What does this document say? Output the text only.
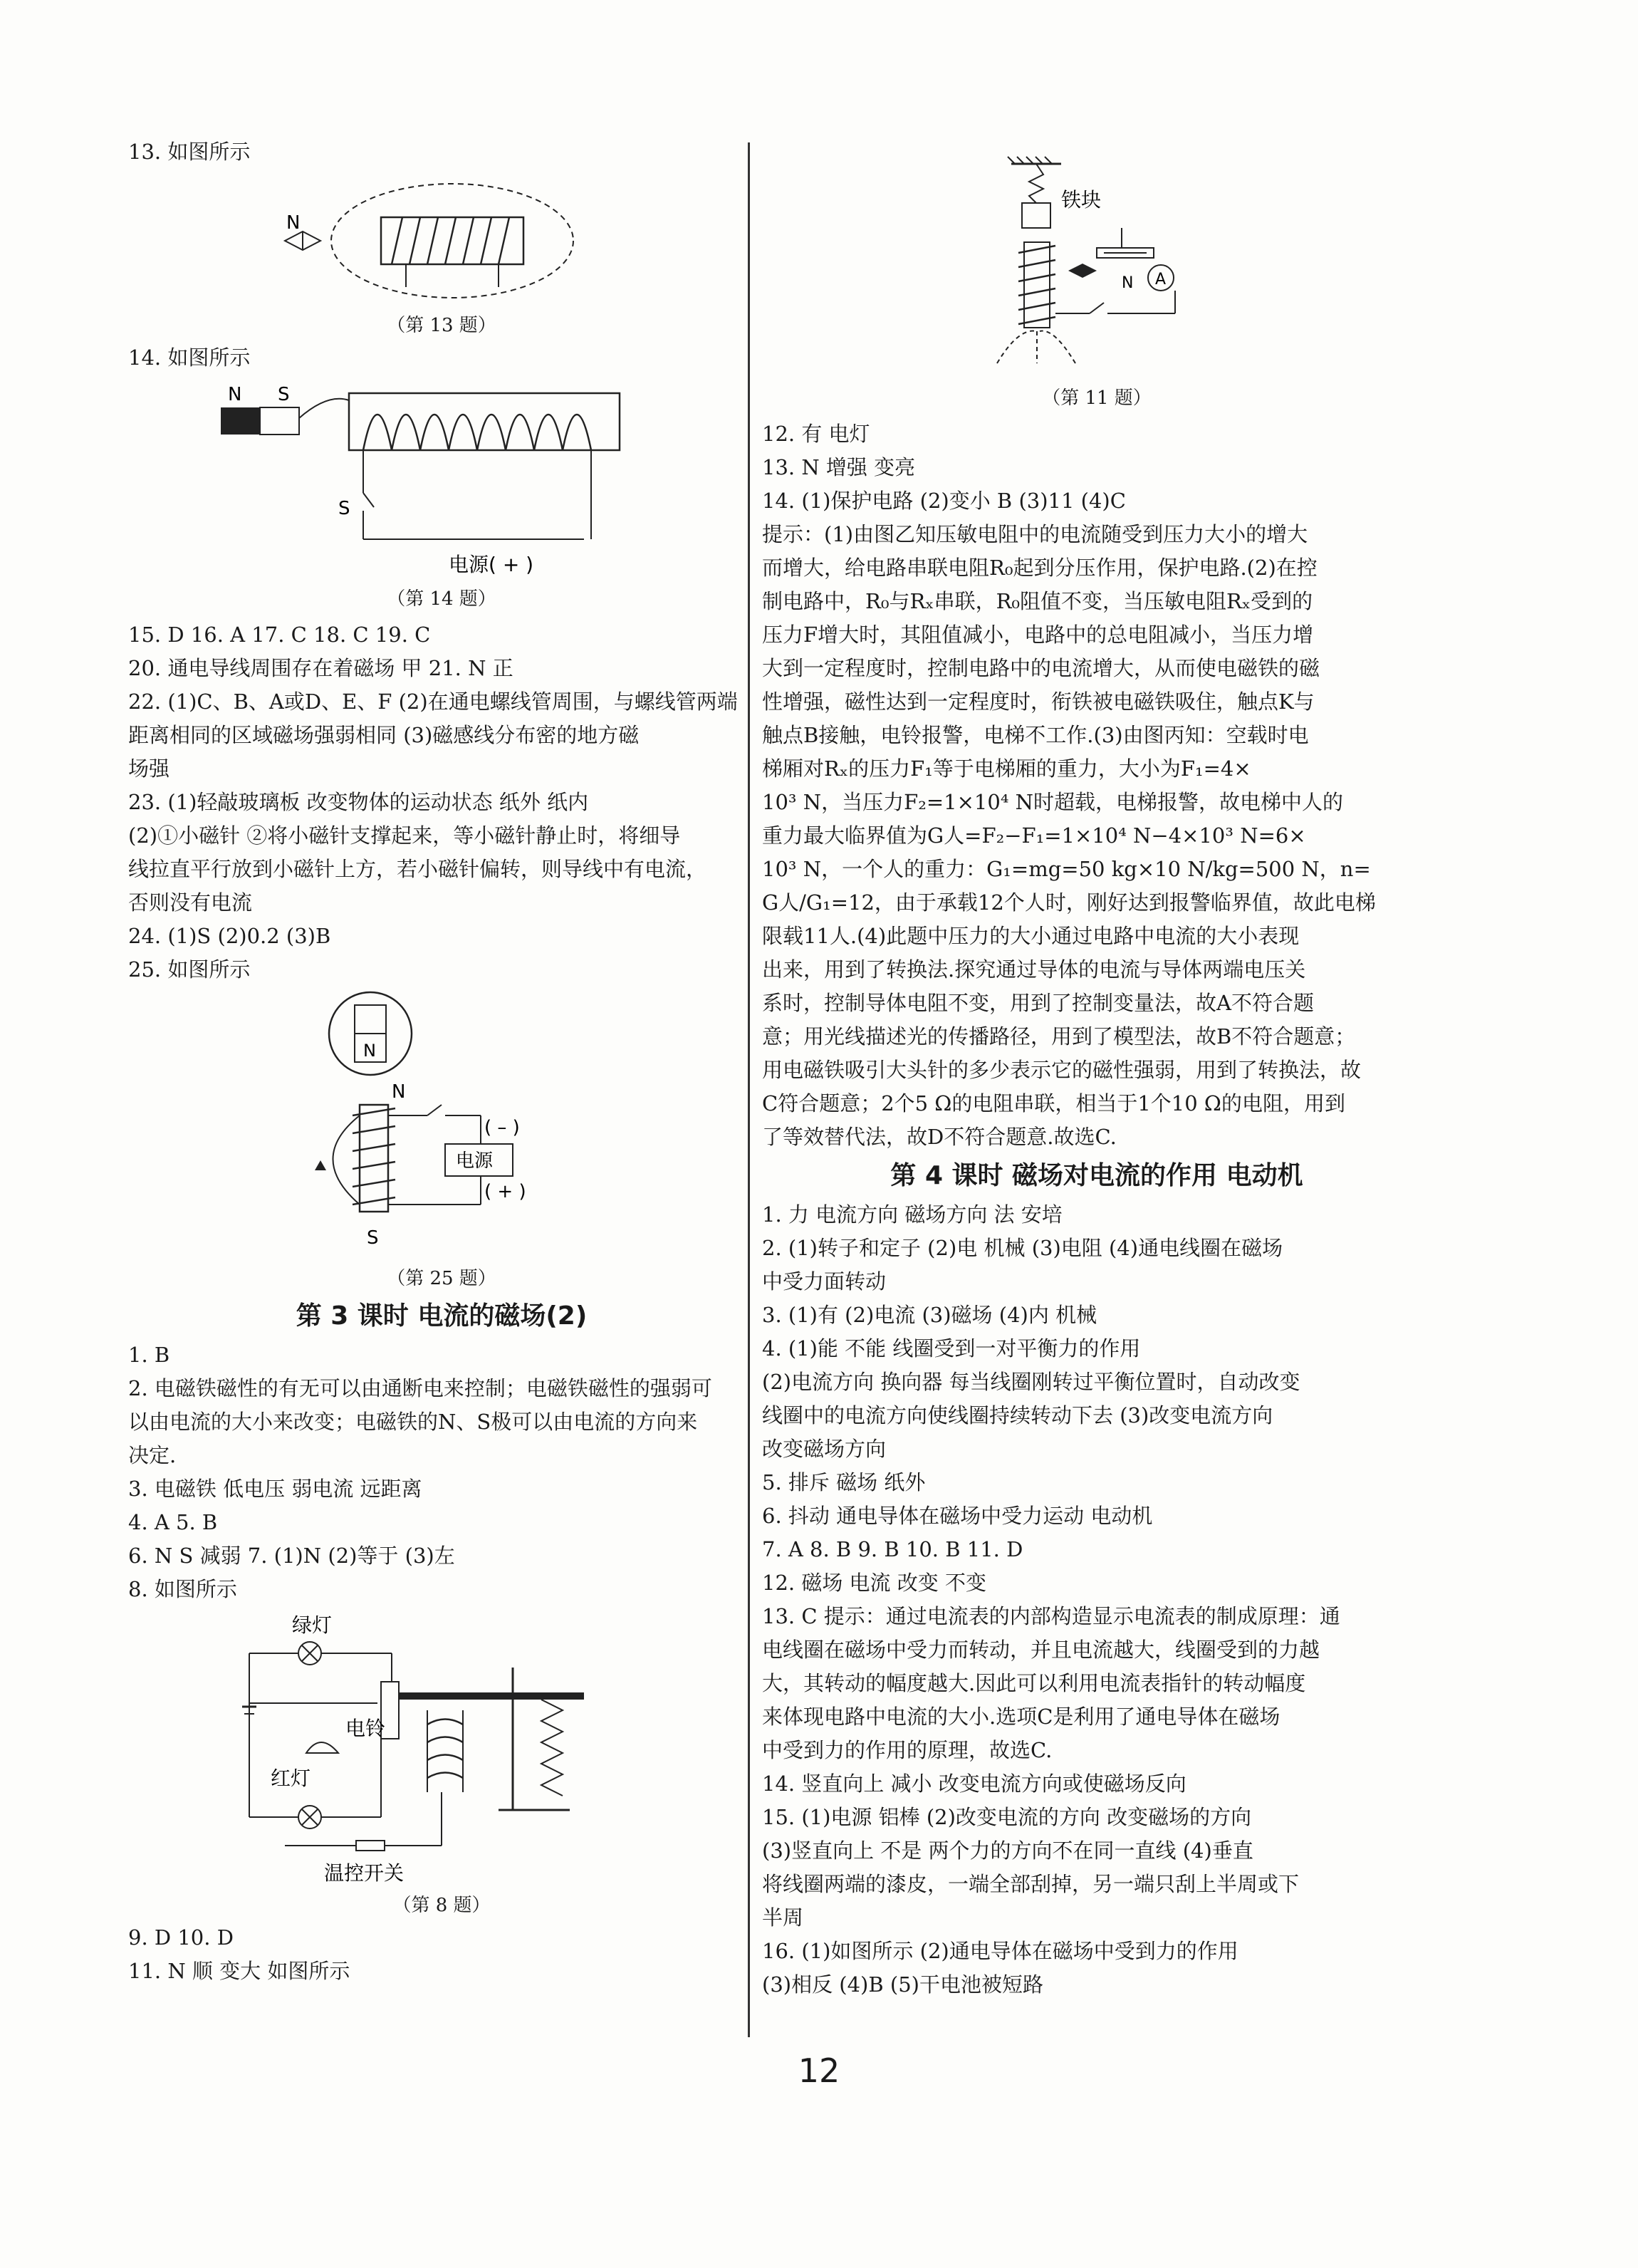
13. 如图所示
N
（第 13 题）
14. 如图所示
N S
S
电源( + )
（第 14 题）
15. D 16. A 17. C 18. C 19. C
20. 通电导线周围存在着磁场 甲 21. N 正
22. (1)C、B、A或D、E、F (2)在通电螺线管周围，与螺线管两端
距离相同的区域磁场强弱相同 (3)磁感线分布密的地方磁
场强
23. (1)轻敲玻璃板 改变物体的运动状态 纸外 纸内
(2)①小磁针 ②将小磁针支撑起来，等小磁针静止时，将细导
线拉直平行放到小磁针上方，若小磁针偏转，则导线中有电流，
否则没有电流
24. (1)S (2)0.2 (3)B
25. 如图所示
N
N
电源
( – )
( + )
S
（第 25 题）
第 3 课时 电流的磁场(2)
1. B
2. 电磁铁磁性的有无可以由通断电来控制；电磁铁磁性的强弱可
以由电流的大小来改变；电磁铁的N、S极可以由电流的方向来
决定.
3. 电磁铁 低电压 弱电流 远距离
4. A 5. B
6. N S 减弱 7. (1)N (2)等于 (3)左
8. 如图所示
绿灯
电铃
红灯
温控开关
（第 8 题）
9. D 10. D
11. N 顺 变大 如图所示
铁块
A
N
（第 11 题）
12. 有 电灯
13. N 增强 变亮
14. (1)保护电路 (2)变小 B (3)11 (4)C
提示：(1)由图乙知压敏电阻中的电流随受到压力大小的增大
而增大，给电路串联电阻R₀起到分压作用，保护电路.(2)在控
制电路中，R₀与Rₓ串联，R₀阻值不变，当压敏电阻Rₓ受到的
压力F增大时，其阻值减小，电路中的总电阻减小，当压力增
大到一定程度时，控制电路中的电流增大，从而使电磁铁的磁
性增强，磁性达到一定程度时，衔铁被电磁铁吸住，触点K与
触点B接触，电铃报警，电梯不工作.(3)由图丙知：空载时电
梯厢对Rₓ的压力F₁等于电梯厢的重力，大小为F₁=4×
10³ N，当压力F₂=1×10⁴ N时超载，电梯报警，故电梯中人的
重力最大临界值为G人=F₂−F₁=1×10⁴ N−4×10³ N=6×
10³ N，一个人的重力：G₁=mg=50 kg×10 N/kg=500 N，n=
G人/G₁=12，由于承载12个人时，刚好达到报警临界值，故此电梯
限载11人.(4)此题中压力的大小通过电路中电流的大小表现
出来，用到了转换法.探究通过导体的电流与导体两端电压关
系时，控制导体电阻不变，用到了控制变量法，故A不符合题
意；用光线描述光的传播路径，用到了模型法，故B不符合题意；
用电磁铁吸引大头针的多少表示它的磁性强弱，用到了转换法，故
C符合题意；2个5 Ω的电阻串联，相当于1个10 Ω的电阻，用到
了等效替代法，故D不符合题意.故选C.
第 4 课时 磁场对电流的作用 电动机
1. 力 电流方向 磁场方向 法 安培
2. (1)转子和定子 (2)电 机械 (3)电阻 (4)通电线圈在磁场
中受力面转动
3. (1)有 (2)电流 (3)磁场 (4)内 机械
4. (1)能 不能 线圈受到一对平衡力的作用
(2)电流方向 换向器 每当线圈刚转过平衡位置时，自动改变
线圈中的电流方向使线圈持续转动下去 (3)改变电流方向
改变磁场方向
5. 排斥 磁场 纸外
6. 抖动 通电导体在磁场中受力运动 电动机
7. A 8. B 9. B 10. B 11. D
12. 磁场 电流 改变 不变
13. C 提示：通过电流表的内部构造显示电流表的制成原理：通
电线圈在磁场中受力而转动，并且电流越大，线圈受到的力越
大，其转动的幅度越大.因此可以利用电流表指针的转动幅度
来体现电路中电流的大小.选项C是利用了通电导体在磁场
中受到力的作用的原理，故选C.
14. 竖直向上 减小 改变电流方向或使磁场反向
15. (1)电源 铝棒 (2)改变电流的方向 改变磁场的方向
(3)竖直向上 不是 两个力的方向不在同一直线 (4)垂直
将线圈两端的漆皮，一端全部刮掉，另一端只刮上半周或下
半周
16. (1)如图所示 (2)通电导体在磁场中受到力的作用
(3)相反 (4)B (5)干电池被短路
12
